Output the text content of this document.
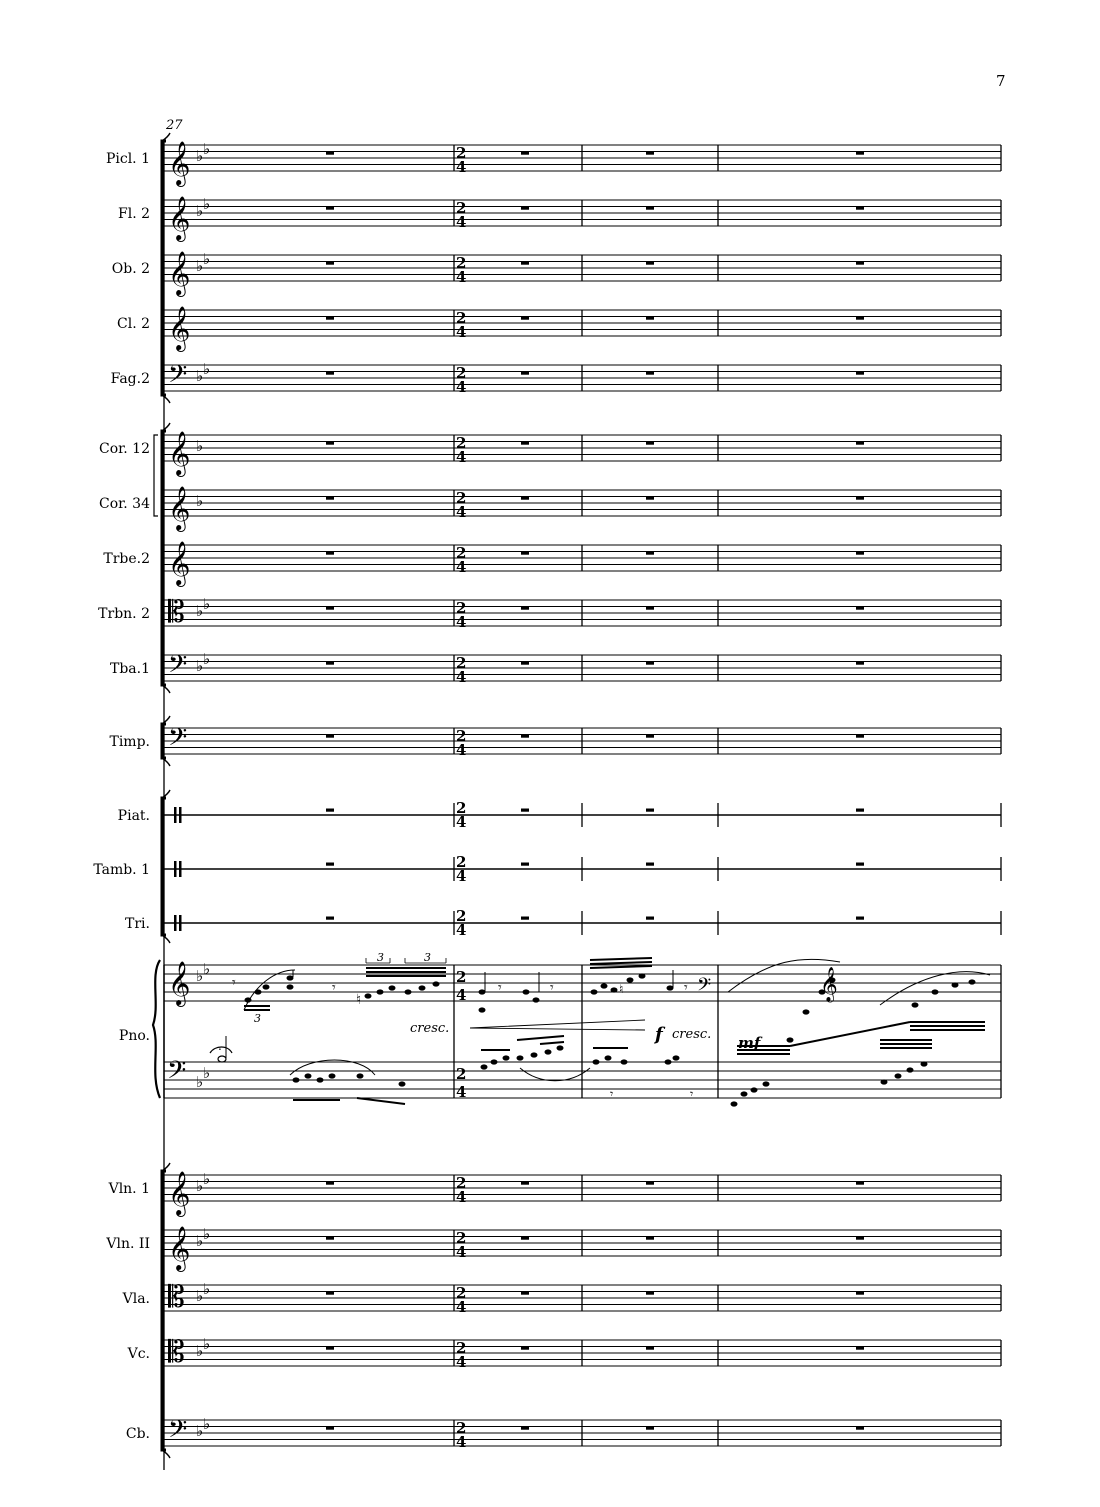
Picl. 1 𝄞 ♭ ♭	2
4
Fl. 2 𝄞 ♭ ♭	2
4
Ob. 2 𝄞 ♭ ♭	2
4
Cl. 2 𝄞	2
4
Fag.2 𝄢 ♭ ♭	2
4
Cor. 12 𝄞 ♭	2
4
Cor. 34 𝄞 ♭	2
4
Trbe.2 𝄞	2
4
Trbn. 2 𝄡 ♭ ♭	2
4
Tba.1 𝄢 ♭ ♭	2
4
Timp. 𝄢	2
4
Piat.	2
4
Tamb. 1	2
4
Tri.	2
4
Vln. 1 𝄞 ♭ ♭	2
4
Vln. II 𝄞 ♭ ♭	2
4
Vla. 𝄡 ♭ ♭	2
4
Vc. 𝄡 ♭ ♭	2
4
Cb. 𝄢 ♭ ♭	2
4
7
27
Pno.
𝄞 ♭ ♭
𝄢 ♭ ♭
2
4
2
4
𝄾
3
𝄾
♮
3	3
cresc.
𝄾	𝄾	♮	𝄾 𝄢
f cresc. mf
𝄞
.
𝄾	𝄾
